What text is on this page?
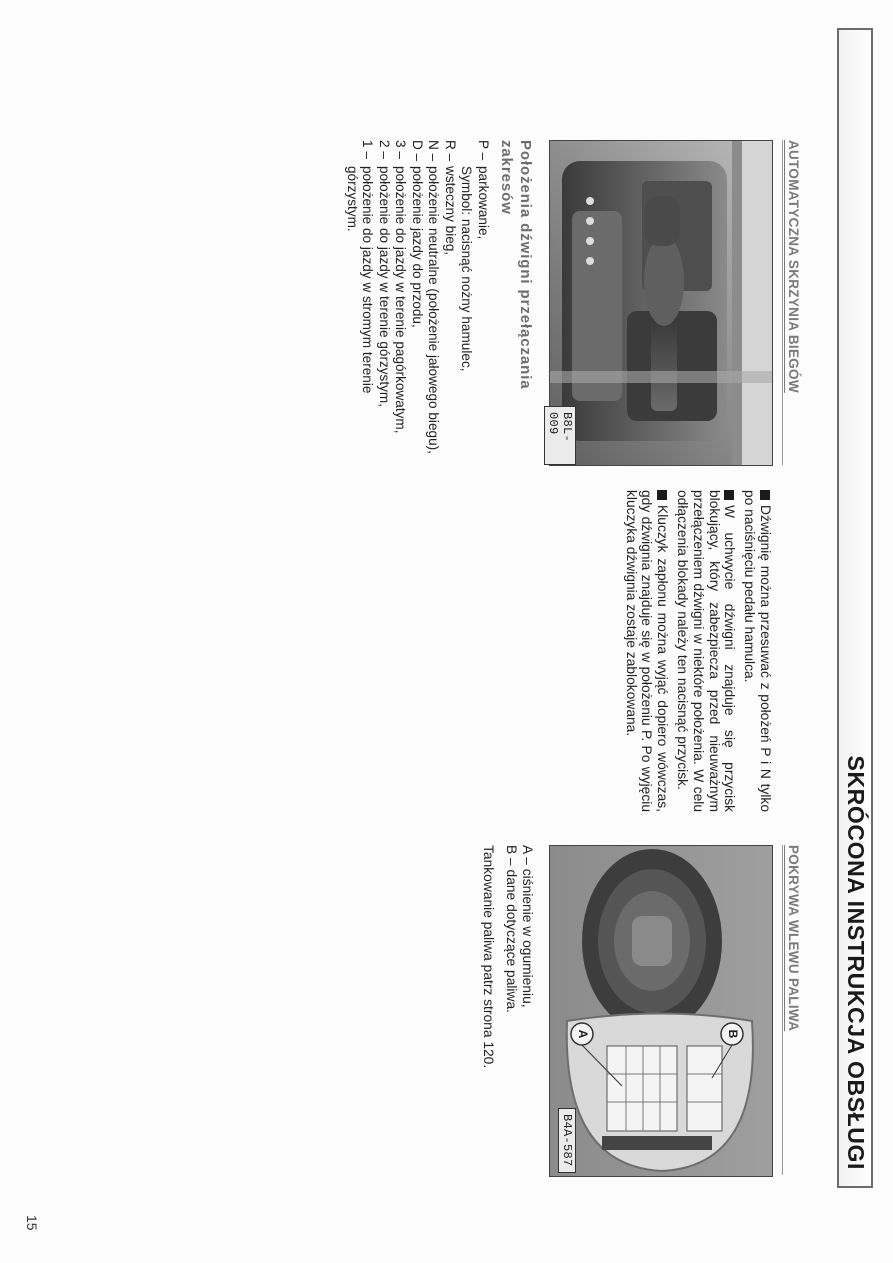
SKRÓCONA INSTRUKCJA OBSŁUGI
AUTOMATYCZNA SKRZYNIA BIEGÓW
B8L-009
Położenia dźwigni przełączania zakresów
P –
parkowanie,
Symbol: nacisnąć nożny hamulec,
R –
wsteczny bieg,
N –
położenie neutralne (położenie jałowego biegu),
D –
położenie jazdy do przodu,
3 –
położenie do jazdy w terenie pagórkowatym,
2 –
położenie do jazdy w terenie górzystym,
1 –
położenie do jazdy w stromym terenie górzystym.

Dźwignię można przesuwać z położeń P i N tylko po naciśnięciu pedału hamulca.

W uchwycie dźwigni znajduje się przycisk blokujący, który zabezpiecza przed nieuważnym przełączeniem dźwigni w niektóre położenia. W celu odłączenia blokady należy ten nacisnąć przycisk.

Kluczyk zapłonu można wyjąć dopiero wówczas, gdy dźwignia znajduje się w położeniu P. Po wyjęciu kluczyka dźwignia zostaje zablokowana.

POKRYWA WLEWU PALIWA
B
A
B4A-587
A – ciśnienie w ogumieniu,
B – dane dotyczące paliwa.
Tankowanie paliwa patrz strona 120.
15
